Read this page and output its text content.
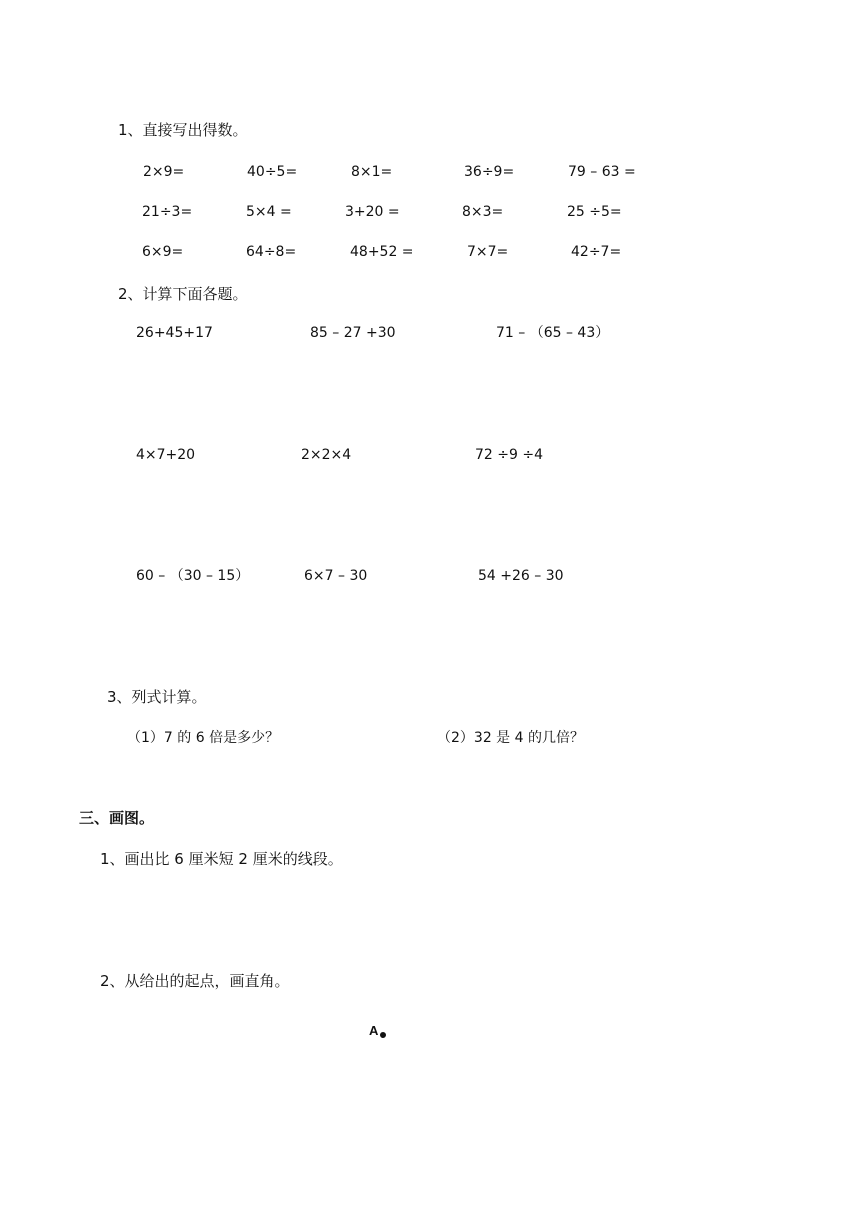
1、直接写出得数。
2×9=	40÷5=	8×1=	36÷9=	79 – 63 =
21÷3=	5×4 =	3+20 =	8×3=	25 ÷5=
6×9=	64÷8=	48+52 =	7×7=	42÷7=
2、计算下面各题。
26+45+17	85 – 27 +30	71 – （65 – 43）
4×7+20	2×2×4	72 ÷9 ÷4
60 – （30 – 15）	6×7 – 30	54 +26 – 30
3、列式计算。
（1）7 的 6 倍是多少？	（2）32 是 4 的几倍？
三、画图。
1、画出比 6 厘米短 2 厘米的线段。
2、从给出的起点，画直角。
A
